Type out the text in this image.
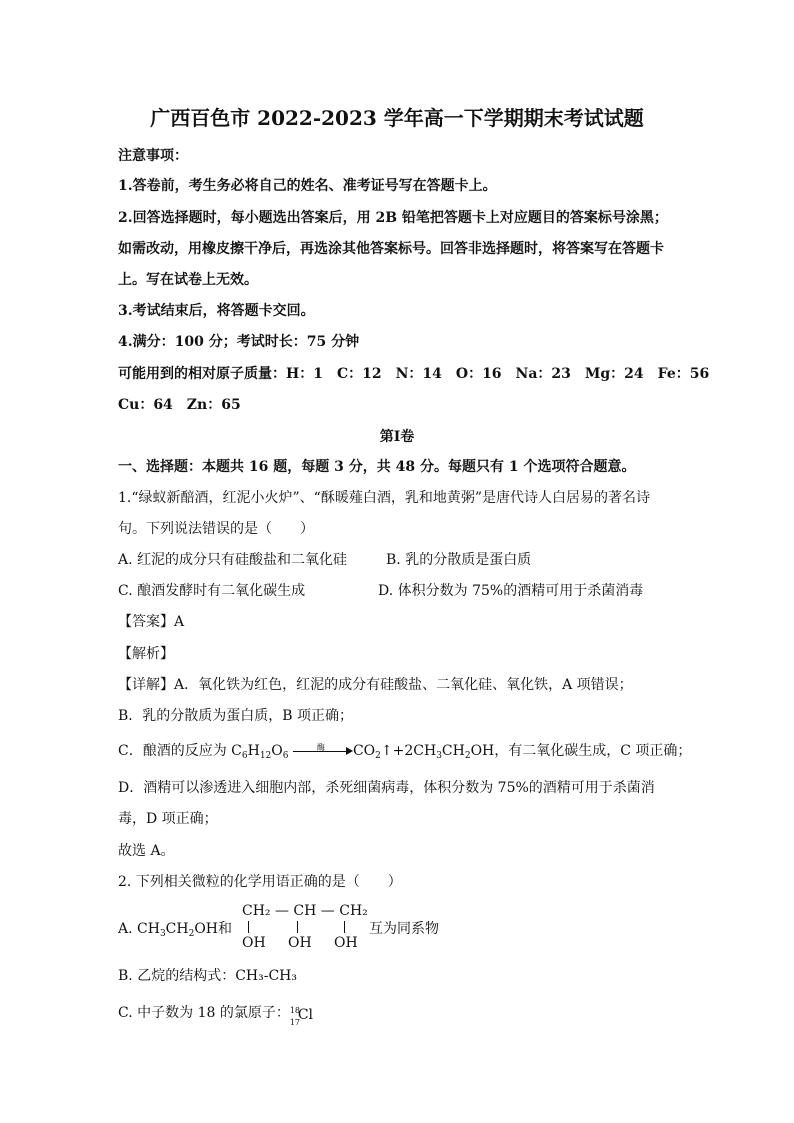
广西百色市 2022-2023 学年高一下学期期末考试试题
注意事项：
1.答卷前，考生务必将自己的姓名、准考证号写在答题卡上。
2.回答选择题时，每小题选出答案后，用 2B 铅笔把答题卡上对应题目的答案标号涂黑；
如需改动，用橡皮擦干净后，再选涂其他答案标号。回答非选择题时，将答案写在答题卡
上。写在试卷上无效。
3.考试结束后，将答题卡交回。
4.满分：100 分；考试时长：75 分钟
可能用到的相对原子质量：H：1　C：12　N：14　O：16　Na：23　Mg：24　Fe：56
Cu：64　Zn：65
第Ⅰ卷
一、选择题：本题共 16 题，每题 3 分，共 48 分。每题只有 1 个选项符合题意。
1.“绿蚁新醅酒，红泥小火炉”、“酥暖薤白酒，乳和地黄粥”是唐代诗人白居易的著名诗
句。下列说法错误的是（　　）
A. 红泥的成分只有硅酸盐和二氧化硅	B. 乳的分散质是蛋白质
C. 酿酒发酵时有二氧化碳生成	D. 体积分数为 75%的酒精可用于杀菌消毒
【答案】A
【解析】
【详解】A．氧化铁为红色，红泥的成分有硅酸盐、二氧化硅、氧化铁，A 项错误；
B．乳的分散质为蛋白质，B 项正确；
C．酿酒的反应为 $C_6H_{12}O_6$
酶 $CO_2↑+2CH_3CH_2OH$，有二氧化碳生成，C 项正确；
D．酒精可以渗透进入细胞内部，杀死细菌病毒，体积分数为 75%的酒精可用于杀菌消
毒，D 项正确；
故选 A。
2. 下列相关微粒的化学用语正确的是（　　）
A. $CH_3CH_2OH$和
CH₂ — CH — CH₂
OH OH OH
互为同系物
B. 乙烷的结构式：CH₃-CH₃
C. 中子数为 18 的氯原子： 18
17
Cl
